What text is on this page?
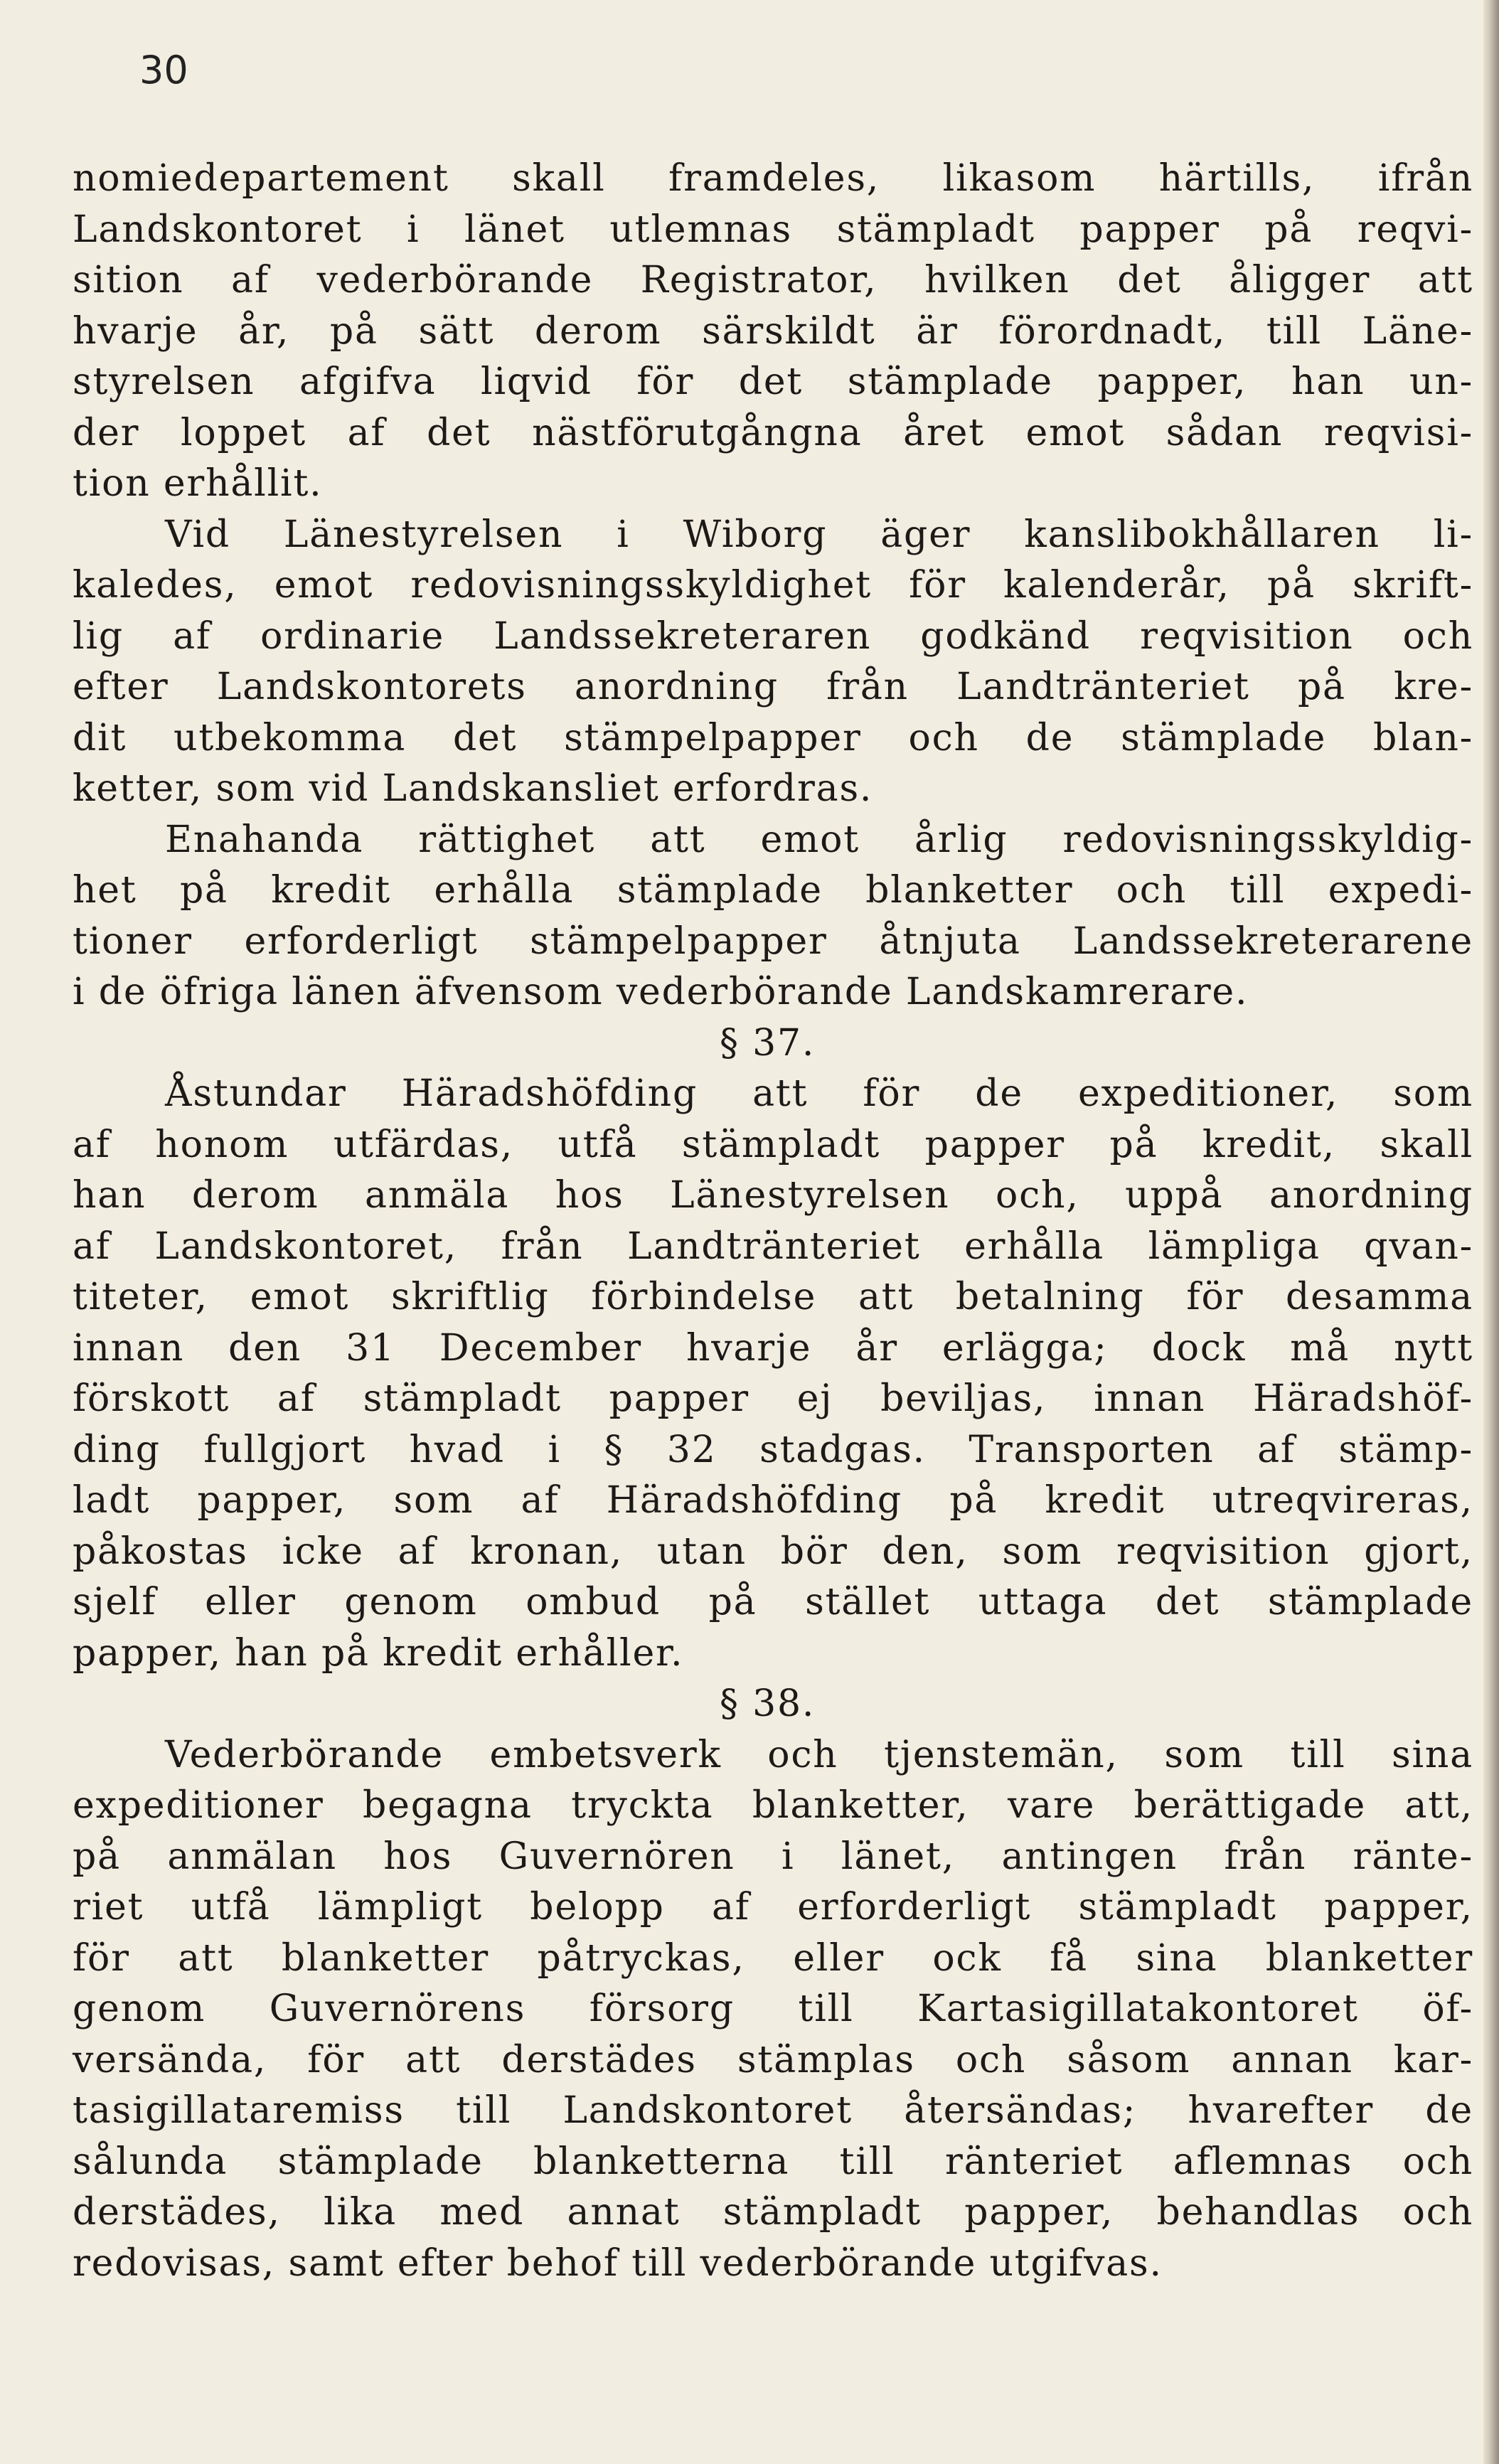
30
nomiedepartement skall framdeles, likasom härtills, ifrån
Landskontoret i länet utlemnas stämpladt papper på reqvi-
sition af vederbörande Registrator, hvilken det åligger att
hvarje år, på sätt derom särskildt är förordnadt, till Läne-
styrelsen afgifva liqvid för det stämplade papper, han un-
der loppet af det nästförutgångna året emot sådan reqvisi-
tion erhållit.
Vid Länestyrelsen i Wiborg äger kanslibokhållaren li-
kaledes, emot redovisningsskyldighet för kalenderår, på skrift-
lig af ordinarie Landssekreteraren godkänd reqvisition och
efter Landskontorets anordning från Landtränteriet på kre-
dit utbekomma det stämpelpapper och de stämplade blan-
ketter, som vid Landskansliet erfordras.
Enahanda rättighet att emot årlig redovisningsskyldig-
het på kredit erhålla stämplade blanketter och till expedi-
tioner erforderligt stämpelpapper åtnjuta Landssekreterarene
i de öfriga länen äfvensom vederbörande Landskamrerare.
§ 37.
Åstundar Häradshöfding att för de expeditioner, som
af honom utfärdas, utfå stämpladt papper på kredit, skall
han derom anmäla hos Länestyrelsen och, uppå anordning
af Landskontoret, från Landtränteriet erhålla lämpliga qvan-
titeter, emot skriftlig förbindelse att betalning för desamma
innan den 31 December hvarje år erlägga; dock må nytt
förskott af stämpladt papper ej beviljas, innan Häradshöf-
ding fullgjort hvad i § 32 stadgas. Transporten af stämp-
ladt papper, som af Häradshöfding på kredit utreqvireras,
påkostas icke af kronan, utan bör den, som reqvisition gjort,
sjelf eller genom ombud på stället uttaga det stämplade
papper, han på kredit erhåller.
§ 38.
Vederbörande embetsverk och tjenstemän, som till sina
expeditioner begagna tryckta blanketter, vare berättigade att,
på anmälan hos Guvernören i länet, antingen från ränte-
riet utfå lämpligt belopp af erforderligt stämpladt papper,
för att blanketter påtryckas, eller ock få sina blanketter
genom Guvernörens försorg till Kartasigillatakontoret öf-
versända, för att derstädes stämplas och såsom annan kar-
tasigillataremiss till Landskontoret återsändas; hvarefter de
sålunda stämplade blanketterna till ränteriet aflemnas och
derstädes, lika med annat stämpladt papper, behandlas och
redovisas, samt efter behof till vederbörande utgifvas.
